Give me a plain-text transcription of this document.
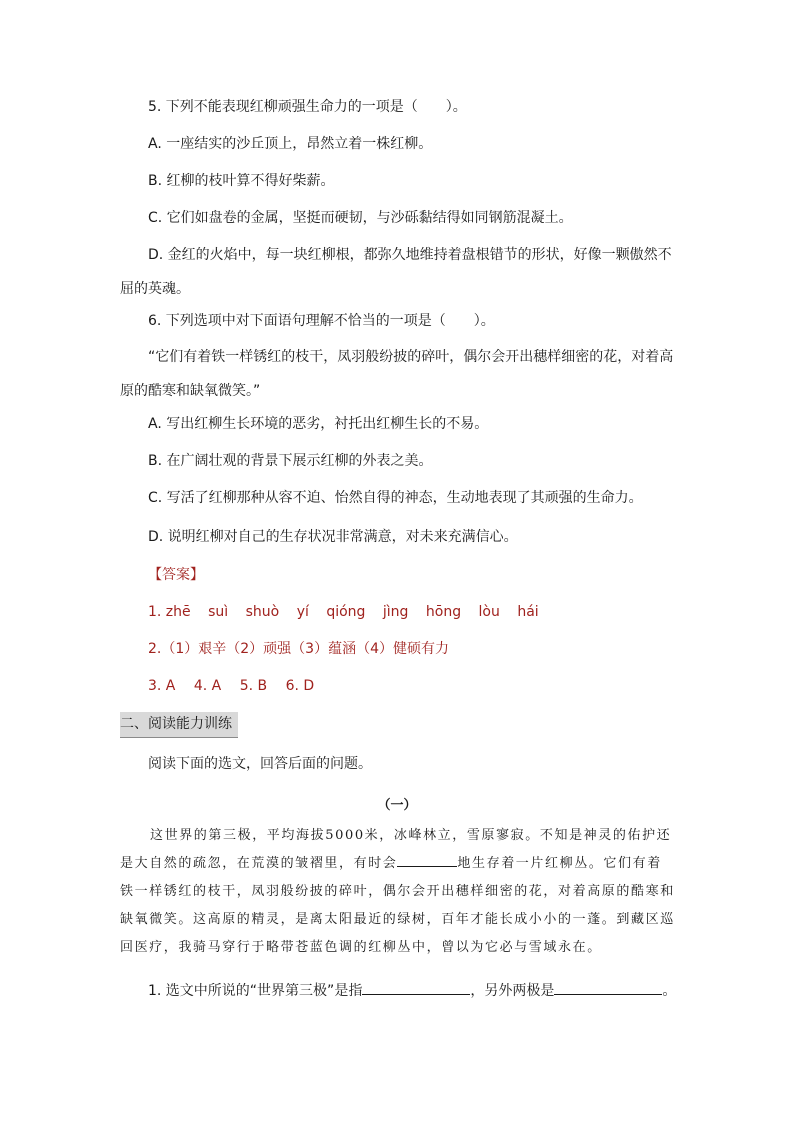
5. 下列不能表现红柳顽强生命力的一项是（　　）。
A. 一座结实的沙丘顶上，昂然立着一株红柳。
B. 红柳的枝叶算不得好柴薪。
C. 它们如盘卷的金属，坚挺而硬韧，与沙砾黏结得如同钢筋混凝土。
D. 金红的火焰中，每一块红柳根，都弥久地维持着盘根错节的形状，好像一颗傲然不屈的英魂。
6. 下列选项中对下面语句理解不恰当的一项是（　　）。
“它们有着铁一样锈红的枝干，凤羽般纷披的碎叶，偶尔会开出穗样细密的花，对着高原的酷寒和缺氧微笑。”
A. 写出红柳生长环境的恶劣，衬托出红柳生长的不易。
B. 在广阔壮观的背景下展示红柳的外表之美。
C. 写活了红柳那种从容不迫、怡然自得的神态，生动地表现了其顽强的生命力。
D. 说明红柳对自己的生存状况非常满意，对未来充满信心。
【答案】
1. zhē suì shuò yí qióng jìng hōng lòu hái
2.（1）艰辛（2）顽强（3）蕴涵（4）健硕有力
3. A 4. A 5. B 6. D
二、阅读能力训练
阅读下面的选文，回答后面的问题。
（一）
这世界的第三极，平均海拔5000米，冰峰林立，雪原寥寂。不知是神灵的佑护还是大自然的疏忽，在荒漠的皱褶里，有时会	地生存着一片红柳丛。它们有着铁一样锈红的枝干，凤羽般纷披的碎叶，偶尔会开出穗样细密的花，对着高原的酷寒和缺氧微笑。这高原的精灵，是离太阳最近的绿树，百年才能长成小小的一蓬。到藏区巡回医疗，我骑马穿行于略带苍蓝色调的红柳丛中，曾以为它必与雪域永在。
1. 选文中所说的“世界第三极”是指	，另外两极是	。
